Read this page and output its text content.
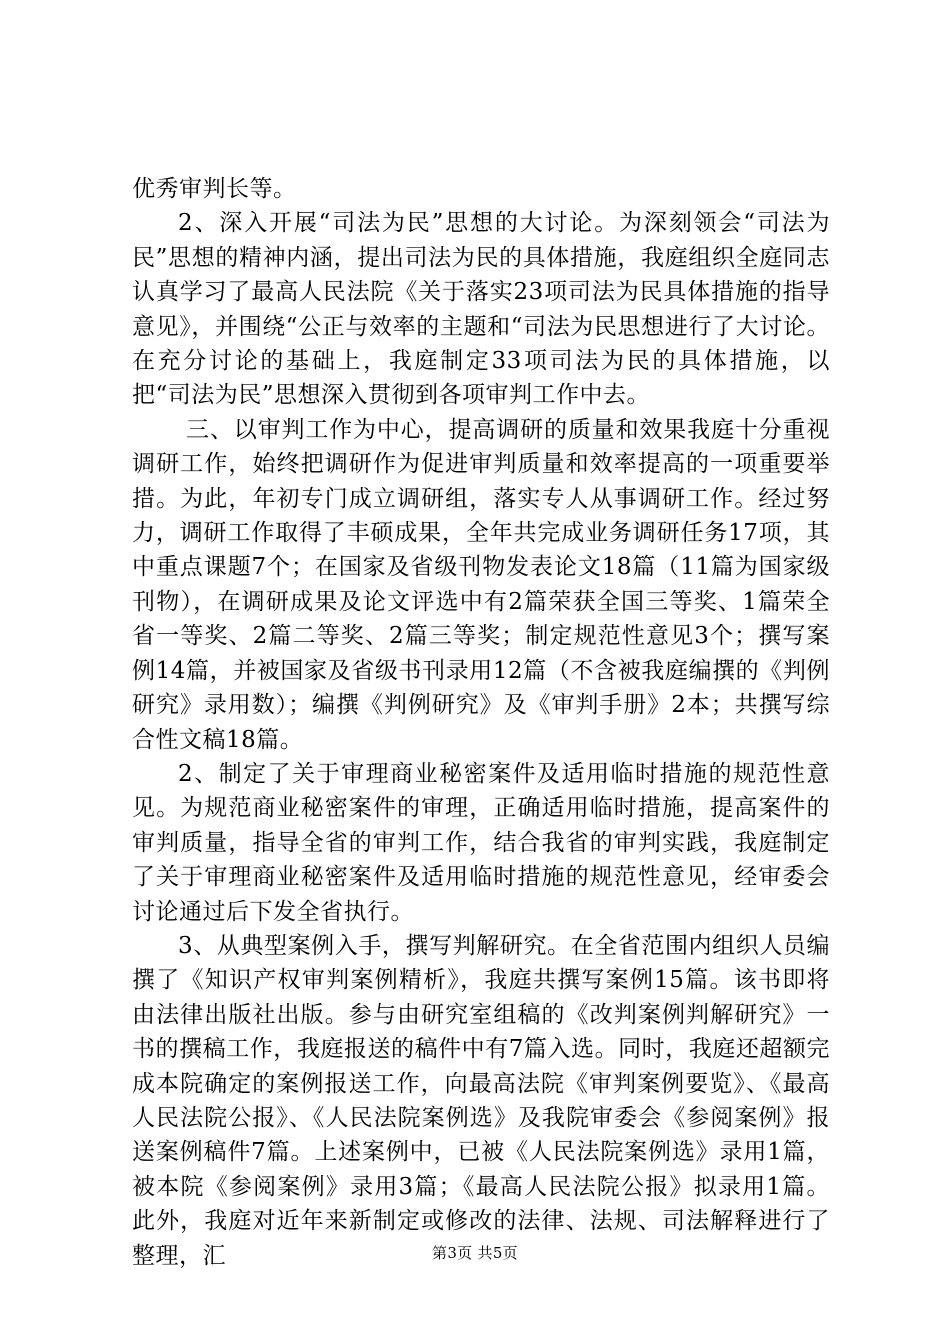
优秀审判长等。

2、深入开展“司法为民”思想的大讨论。为深刻领会“司法为民”思想的精神内涵，提出司法为民的具体措施，我庭组织全庭同志认真学习了最高人民法院《关于落实23项司法为民具体措施的指导意见》，并围绕“公正与效率的主题和“司法为民思想进行了大讨论。在充分讨论的基础上，我庭制定33项司法为民的具体措施，以把“司法为民”思想深入贯彻到各项审判工作中去。

三、以审判工作为中心，提高调研的质量和效果我庭十分重视调研工作，始终把调研作为促进审判质量和效率提高的一项重要举措。为此，年初专门成立调研组，落实专人从事调研工作。经过努力，调研工作取得了丰硕成果，全年共完成业务调研任务17项，其中重点课题7个；在国家及省级刊物发表论文18篇（11篇为国家级刊物），在调研成果及论文评选中有2篇荣获全国三等奖、1篇荣全省一等奖、2篇二等奖、2篇三等奖；制定规范性意见3个；撰写案例14篇，并被国家及省级书刊录用12篇（不含被我庭编撰的《判例研究》录用数）；编撰《判例研究》及《审判手册》2本；共撰写综合性文稿18篇。

2、制定了关于审理商业秘密案件及适用临时措施的规范性意见。为规范商业秘密案件的审理，正确适用临时措施，提高案件的审判质量，指导全省的审判工作，结合我省的审判实践，我庭制定了关于审理商业秘密案件及适用临时措施的规范性意见，经审委会讨论通过后下发全省执行。

3、从典型案例入手，撰写判解研究。在全省范围内组织人员编撰了《知识产权审判案例精析》，我庭共撰写案例15篇。该书即将由法律出版社出版。参与由研究室组稿的《改判案例判解研究》一书的撰稿工作，我庭报送的稿件中有7篇入选。同时，我庭还超额完成本院确定的案例报送工作，向最高法院《审判案例要览》、《最高人民法院公报》、《人民法院案例选》及我院审委会《参阅案例》报送案例稿件7篇。上述案例中，已被《人民法院案例选》录用1篇，被本院《参阅案例》录用3篇；《最高人民法院公报》拟录用1篇。此外，我庭对近年来新制定或修改的法律、法规、司法解释进行了整理，汇	第3页 共5页
